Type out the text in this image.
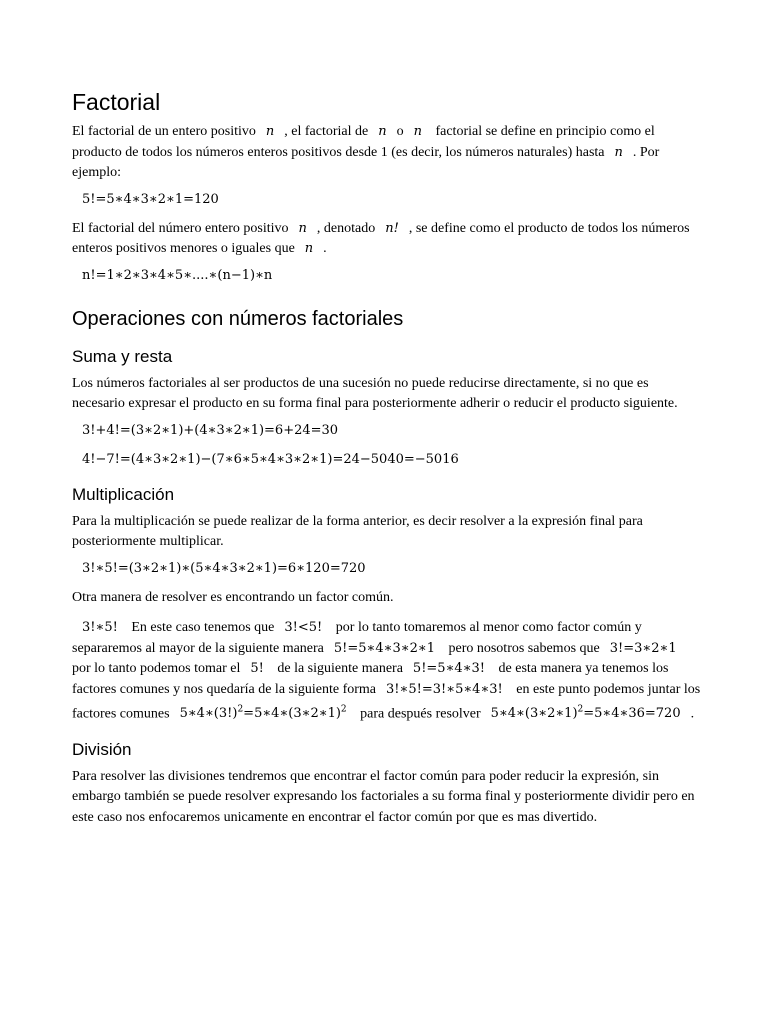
Factorial

El factorial de un entero positivo n , el factorial de n o n factorial se define en principio como el producto de todos los números enteros positivos desde 1 (es decir, los números naturales) hasta n . Por ejemplo:

5!=5∗4∗3∗2∗1=120

El factorial del número entero positivo n , denotado n! , se define como el producto de todos los números enteros positivos menores o iguales que n .

n!=1∗2∗3∗4∗5∗....∗(n−1)∗n
Operaciones con números factoriales
Suma y resta

Los números factoriales al ser productos de una sucesión no puede reducirse directamente, si no que es necesario expresar el producto en su forma final para posteriormente adherir o reducir el producto siguiente.

3!+4!=(3∗2∗1)+(4∗3∗2∗1)=6+24=30
4!−7!=(4∗3∗2∗1)−(7∗6∗5∗4∗3∗2∗1)=24−5040=−5016
Multiplicación

Para la multiplicación se puede realizar de la forma anterior, es decir resolver a la expresión final para posteriormente multiplicar.

3!∗5!=(3∗2∗1)∗(5∗4∗3∗2∗1)=6∗120=720

Otra manera de resolver es encontrando un factor común.

3!∗5! En este caso tenemos que 3!<5! por lo tanto tomaremos al menor como factor común y separaremos al mayor de la siguiente manera 5!=5∗4∗3∗2∗1 pero nosotros sabemos que 3!=3∗2∗1 por lo tanto podemos tomar el 5! de la siguiente manera 5!=5∗4∗3! de esta manera ya tenemos los factores comunes y nos quedaría de la siguiente forma 3!∗5!=3!∗5∗4∗3! en este punto podemos juntar los factores comunes $5∗4∗(3!)^2=5∗4∗(3∗2∗1)^2$ para después resolver 5∗4∗(3∗2∗1)$^2$=5∗4∗36=720 .

División

Para resolver las divisiones tendremos que encontrar el factor común para poder reducir la expresión, sin embargo también se puede resolver expresando los factoriales a su forma final y posteriormente dividir pero en este caso nos enfocaremos unicamente en encontrar el factor común por que es mas divertido.
